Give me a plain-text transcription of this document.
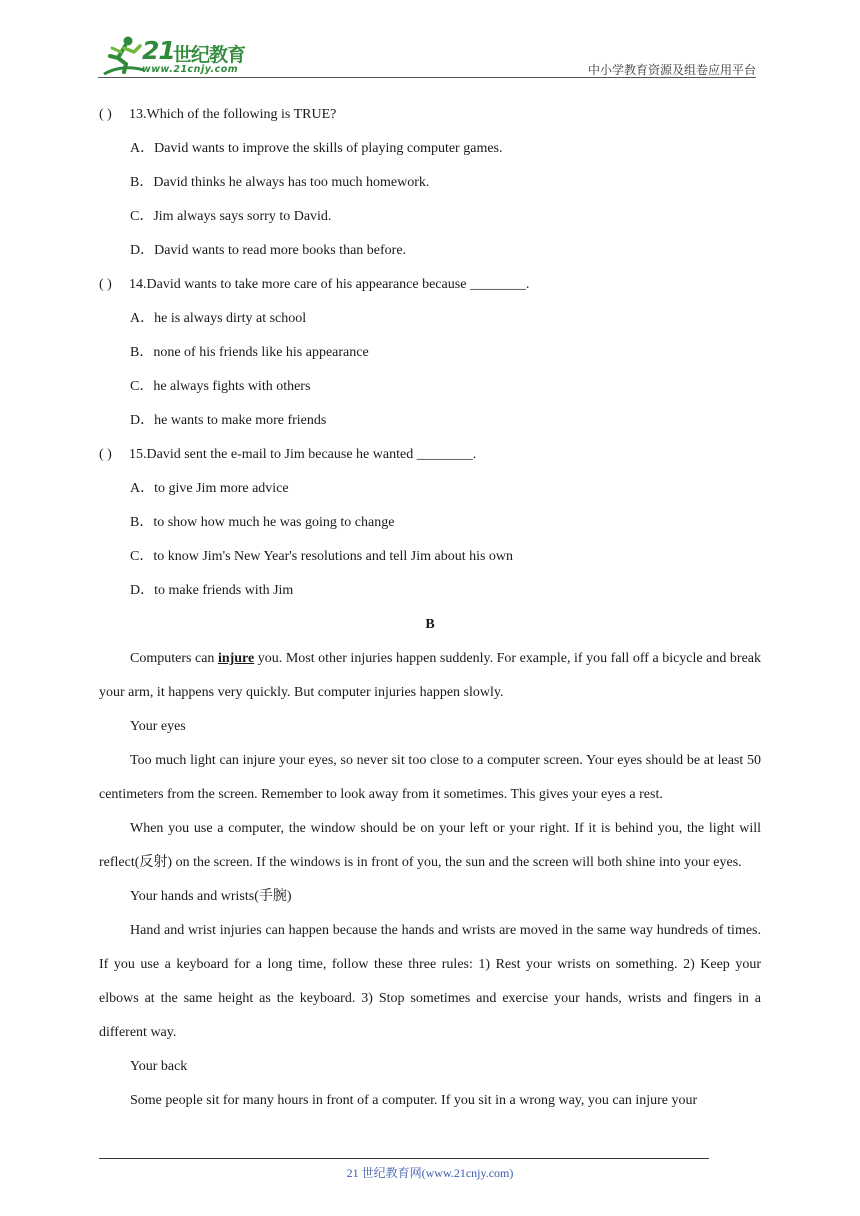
21
世纪教育
www.21cnjy.com	中小学教育资源及组卷应用平台
( ) 13.Which of the following is TRUE?
A．David wants to improve the skills of playing computer games.
B．David thinks he always has too much homework.
C．Jim always says sorry to David.
D．David wants to read more books than before.
( ) 14.David wants to take more care of his appearance because ________.
A．he is always dirty at school
B．none of his friends like his appearance
C．he always fights with others
D．he wants to make more friends
( ) 15.David sent the e-mail to Jim because he wanted ________.
A．to give Jim more advice
B．to show how much he was going to change
C．to know Jim's New Year's resolutions and tell Jim about his own
D．to make friends with Jim
B

Computers can injure you. Most other injuries happen suddenly. For example, if you fall off a bicycle and break your arm, it happens very quickly. But computer injuries happen slowly.

Your eyes

Too much light can injure your eyes, so never sit too close to a computer screen. Your eyes should be at least 50 centimeters from the screen. Remember to look away from it sometimes. This gives your eyes a rest.

When you use a computer, the window should be on your left or your right. If it is behind you, the light will reflect(反射) on the screen. If the windows is in front of you, the sun and the screen will both shine into your eyes.

Your hands and wrists(手腕)

Hand and wrist injuries can happen because the hands and wrists are moved in the same way hundreds of times. If you use a keyboard for a long time, follow these three rules: 1) Rest your wrists on something. 2) Keep your elbows at the same height as the keyboard. 3) Stop sometimes and exercise your hands, wrists and fingers in a different way.

Your back

Some people sit for many hours in front of a computer. If you sit in a wrong way, you can injure your

21 世纪教育网(www.21cnjy.com)
